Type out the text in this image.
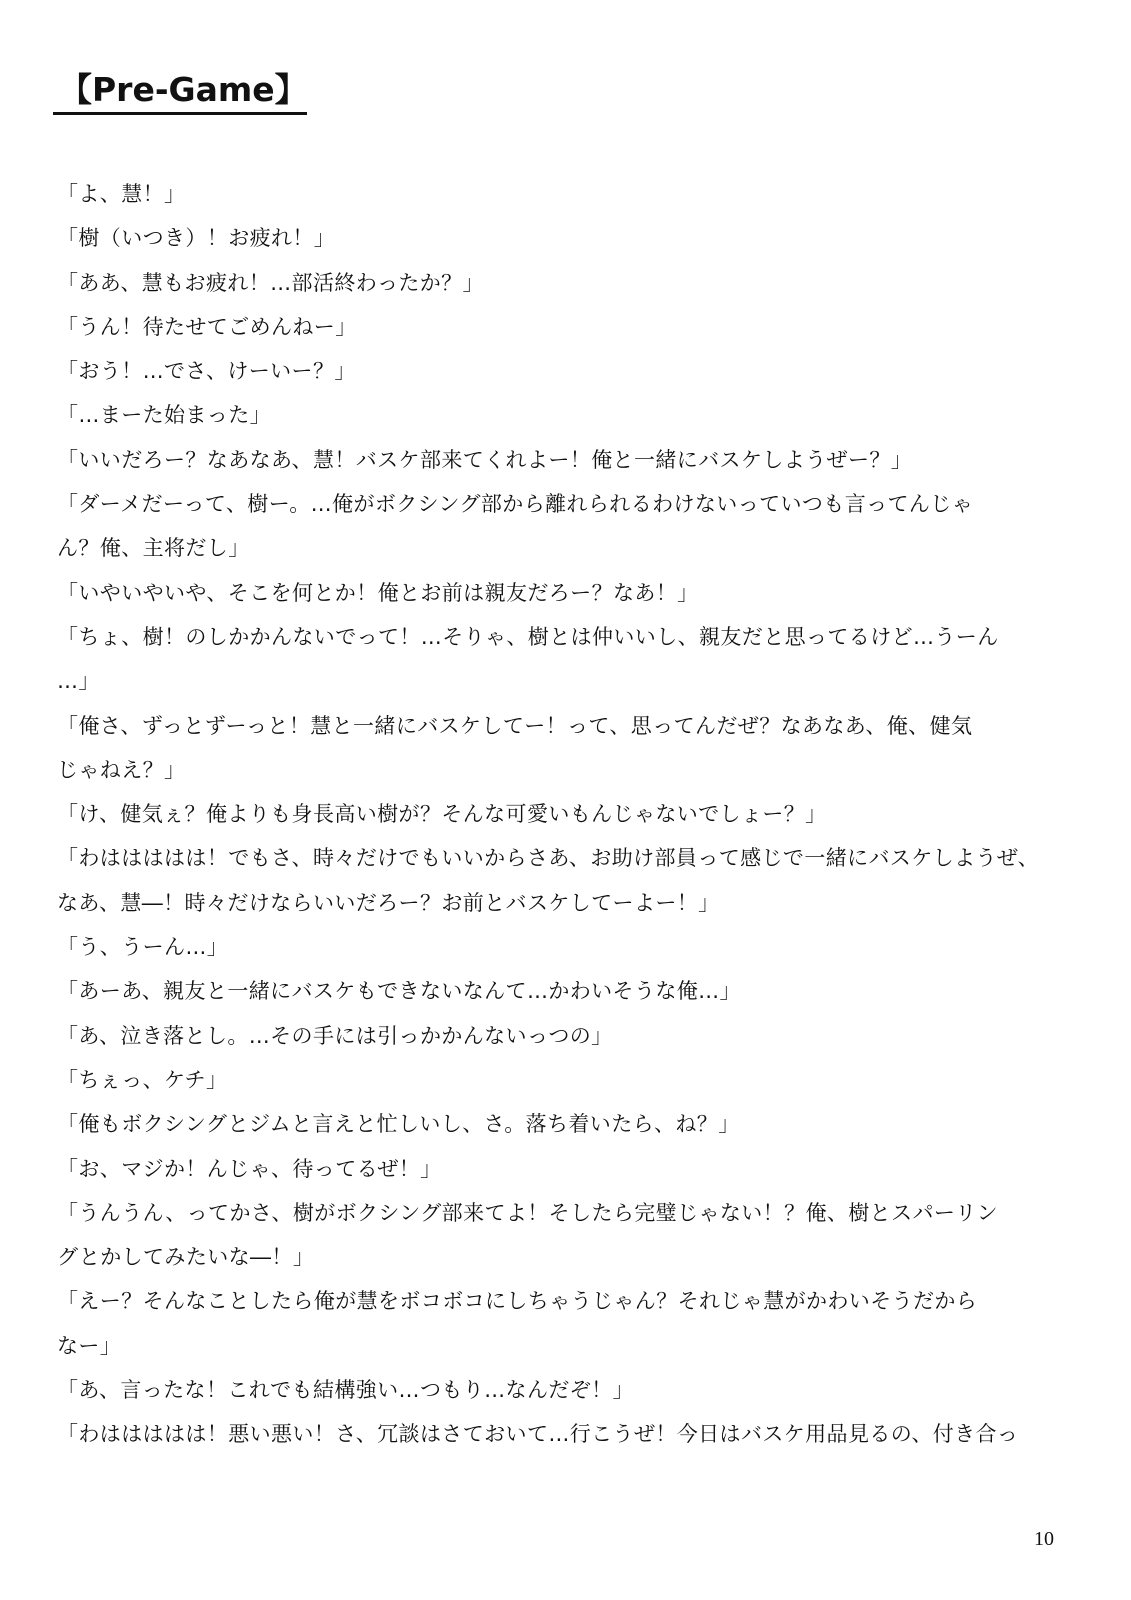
【Pre-Game】
「よ、慧！」
「樹（いつき）！お疲れ！」
「ああ、慧もお疲れ！…部活終わったか？」
「うん！待たせてごめんねー」
「おう！…でさ、けーいー？」
「…まーた始まった」
「いいだろー？なあなあ、慧！バスケ部来てくれよー！俺と一緒にバスケしようぜー？」
「ダーメだーって、樹ー。…俺がボクシング部から離れられるわけないっていつも言ってんじゃ
ん？俺、主将だし」
「いやいやいや、そこを何とか！俺とお前は親友だろー？なあ！」
「ちょ、樹！のしかかんないでって！…そりゃ、樹とは仲いいし、親友だと思ってるけど…うーん
…」
「俺さ、ずっとずーっと！慧と一緒にバスケしてー！って、思ってんだぜ？なあなあ、俺、健気
じゃねえ？」
「け、健気ぇ？俺よりも身長高い樹が？そんな可愛いもんじゃないでしょー？」
「わははははは！でもさ、時々だけでもいいからさあ、お助け部員って感じで一緒にバスケしようぜ、
なあ、慧―！時々だけならいいだろー？お前とバスケしてーよー！」
「う、うーん…」
「あーあ、親友と一緒にバスケもできないなんて…かわいそうな俺…」
「あ、泣き落とし。…その手には引っかかんないっつの」
「ちぇっ、ケチ」
「俺もボクシングとジムと言えと忙しいし、さ。落ち着いたら、ね？」
「お、マジか！んじゃ、待ってるぜ！」
「うんうん、ってかさ、樹がボクシング部来てよ！そしたら完璧じゃない！？俺、樹とスパーリン
グとかしてみたいな―！」
「えー？そんなことしたら俺が慧をボコボコにしちゃうじゃん？それじゃ慧がかわいそうだから
なー」
「あ、言ったな！これでも結構強い…つもり…なんだぞ！」
「わははははは！悪い悪い！さ、冗談はさておいて…行こうぜ！今日はバスケ用品見るの、付き合っ
10
